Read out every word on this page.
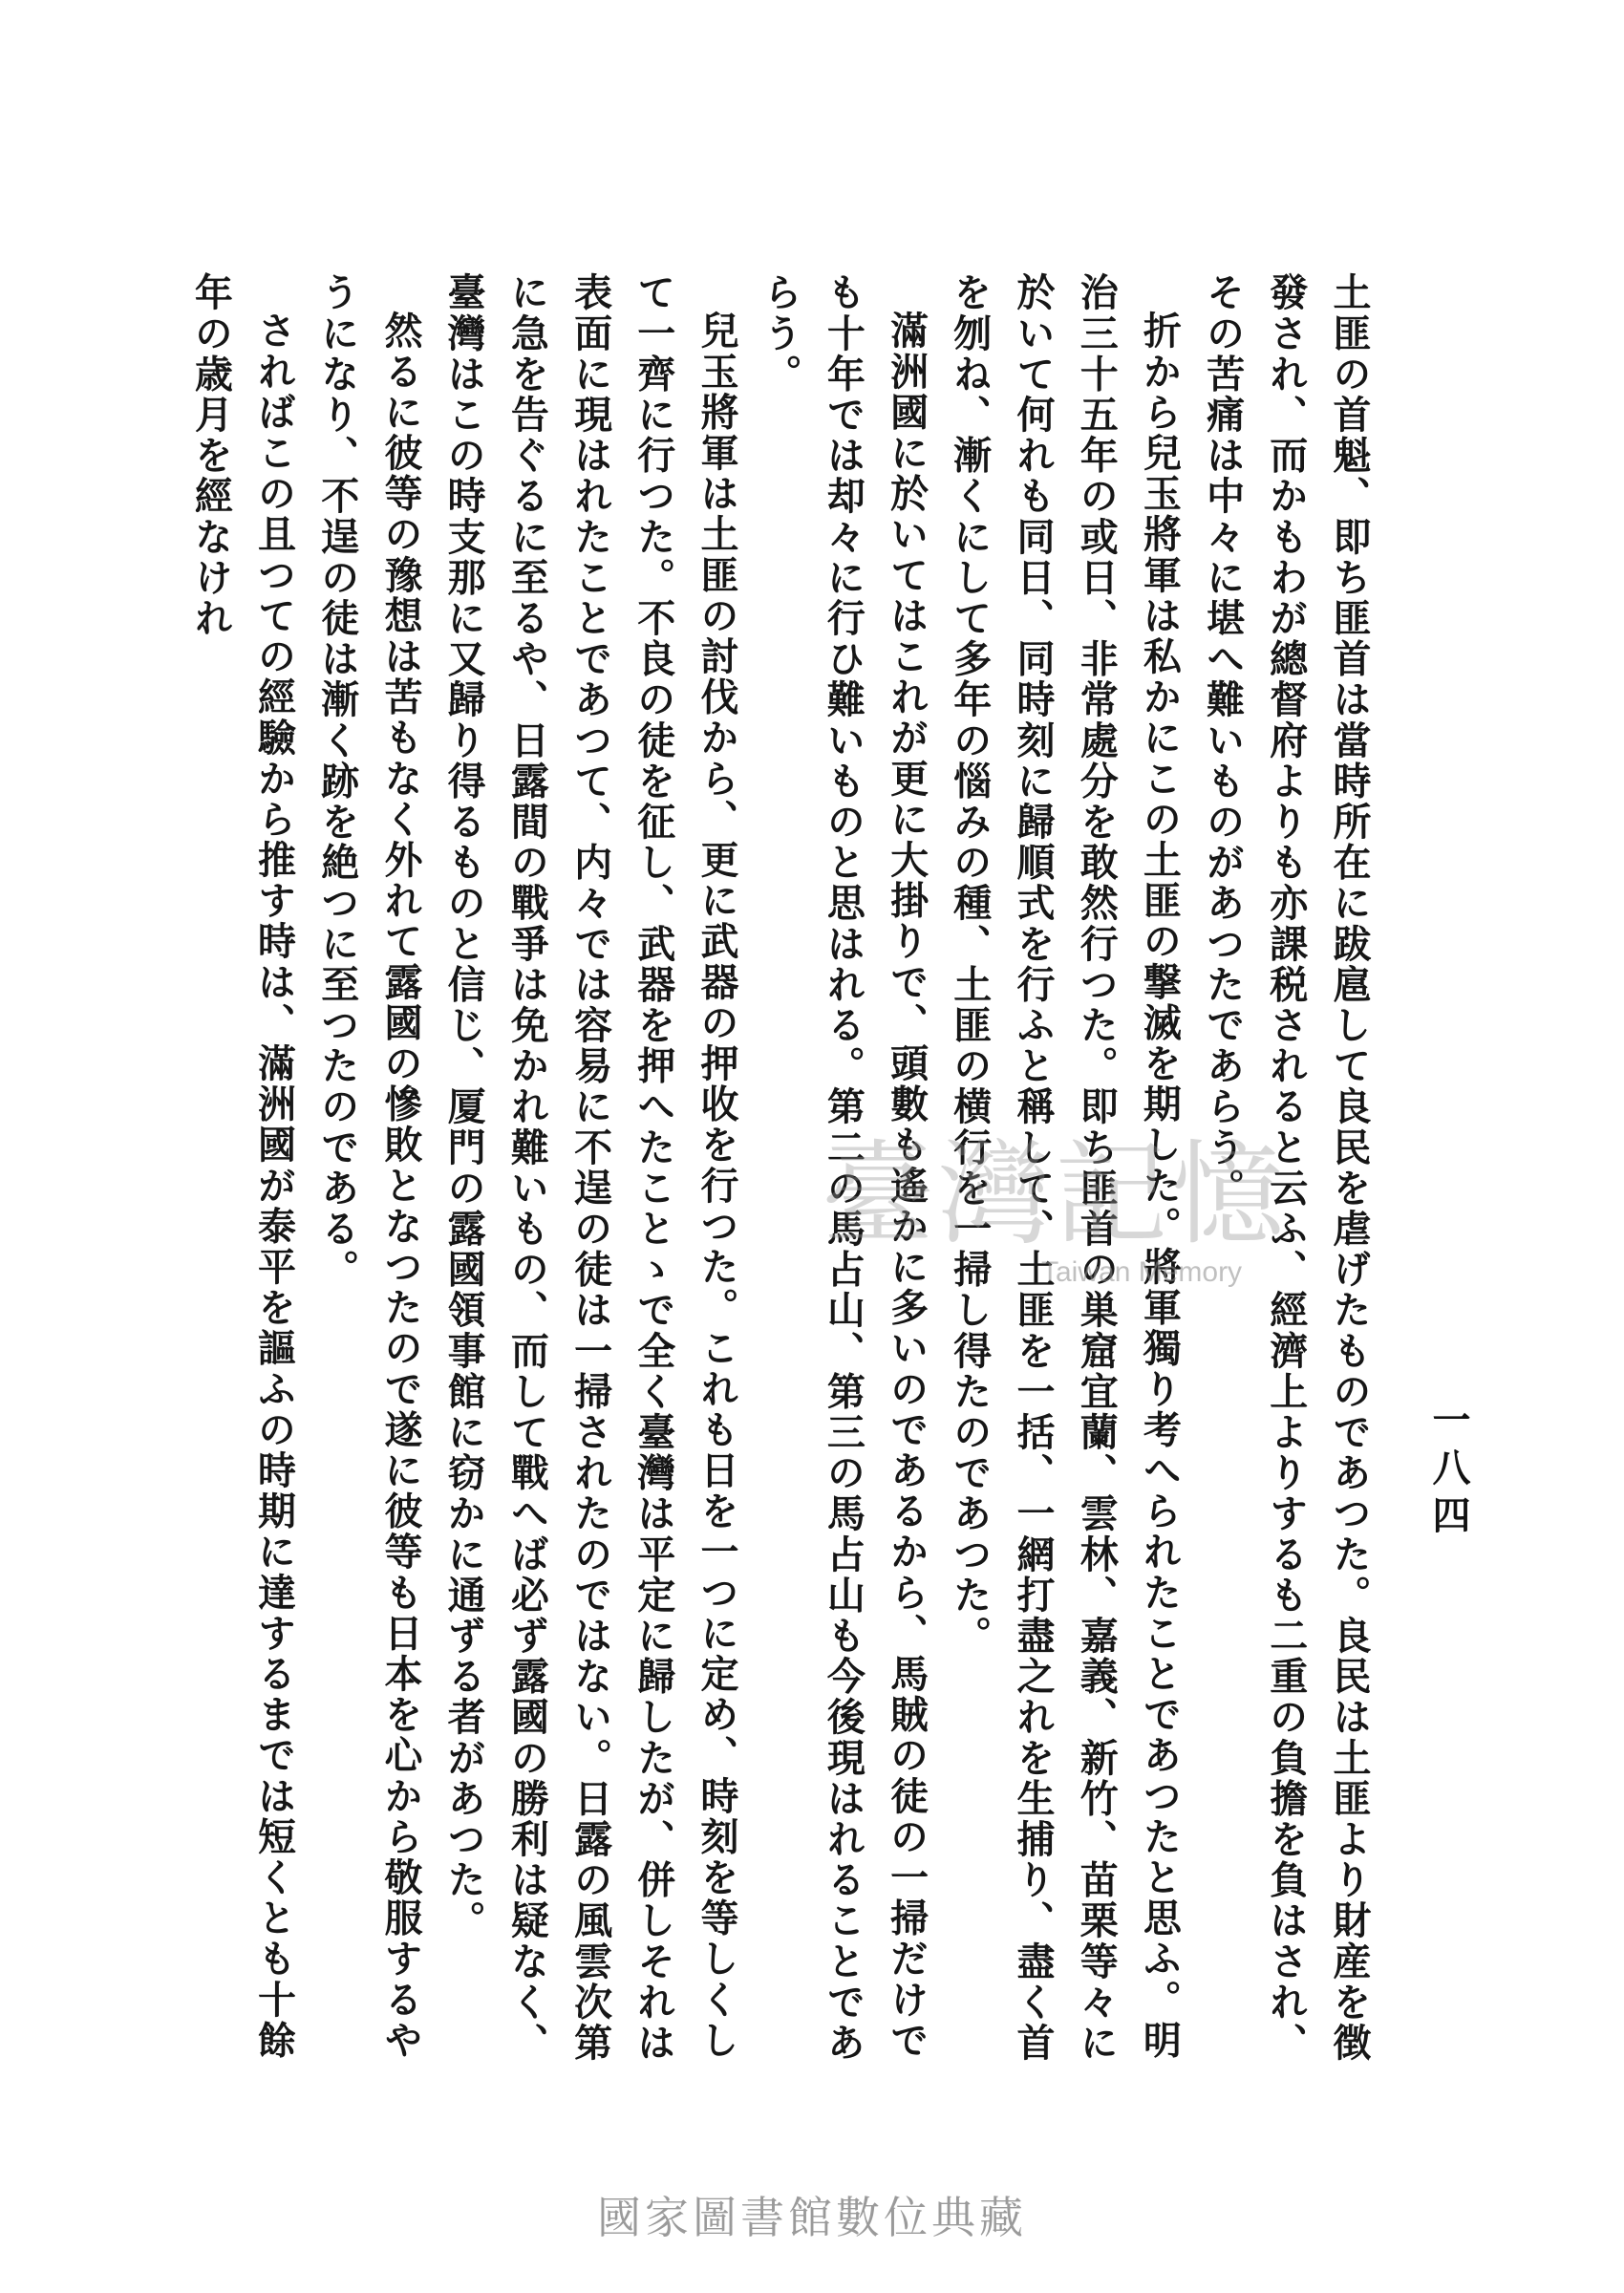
一八四

土匪の首魁、即ち匪首は當時所在に跋扈して良民を虐げたものであつた。良民は土匪より財産を徴發され、而かもわが總督府よりも亦課税されると云ふ、經濟上よりするも二重の負擔を負はされ、その苦痛は中々に堪へ難いものがあつたであらう。

折から兒玉將軍は私かにこの土匪の撃滅を期した。將軍獨り考へられたことであつたと思ふ。明治三十五年の或日、非常處分を敢然行つた。即ち匪首の巣窟宜蘭、雲林、嘉義、新竹、苗栗等々に於いて何れも同日、同時刻に歸順式を行ふと稱して、土匪を一括、一網打盡之れを生捕り、盡く首を刎ね、漸くにして多年の惱みの種、土匪の横行を一掃し得たのであつた。

滿洲國に於いてはこれが更に大掛りで、頭數も遙かに多いのであるから、馬賊の徒の一掃だけでも十年では却々に行ひ難いものと思はれる。第二の馬占山、第三の馬占山も今後現はれることであらう。

兒玉將軍は土匪の討伐から、更に武器の押收を行つた。これも日を一つに定め、時刻を等しくして一齊に行つた。不良の徒を征し、武器を押へたことゝで全く臺灣は平定に歸したが、併しそれは表面に現はれたことであつて、内々では容易に不逞の徒は一掃されたのではない。日露の風雲次第に急を告ぐるに至るや、日露間の戰爭は免かれ難いもの、而して戰へば必ず露國の勝利は疑なく、臺灣はこの時支那に又歸り得るものと信じ、厦門の露國領事館に窃かに通ずる者があつた。

然るに彼等の豫想は苦もなく外れて露國の慘敗となつたので遂に彼等も日本を心から敬服するやうになり、不逞の徒は漸く跡を絶つに至つたのである。

さればこの且つての經驗から推す時は、滿洲國が泰平を謳ふの時期に達するまでは短くとも十餘年の歳月を經なけれ

臺灣記憶
Taiwan Memory
國家圖書館數位典藏
